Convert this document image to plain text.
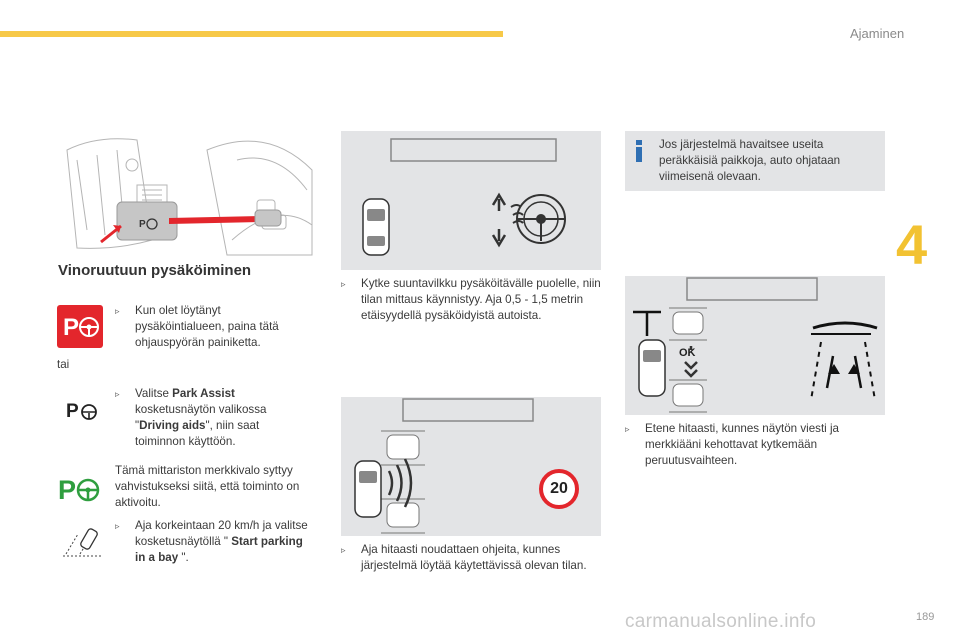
Ajaminen
4
P
Vinoruutuun pysäköiminen
P
▹	Kun olet löytänyt pysäköintialueen, paina tätä ohjauspyörän painiketta.
tai
P
▹	Valitse Park Assist kosketusnäytön valikossa "Driving aids", niin saat toiminnon käyttöön.
P
Tämä mittariston merkkivalo syttyy vahvistukseksi siitä, että toiminto on aktivoitu.
▹	Aja korkeintaan 20 km/h ja valitse kosketusnäytöllä " Start parking in a bay ".
▹	Kytke suuntavilkku pysäköitävälle puolelle, niin tilan mittaus käynnistyy. Aja 0,5 - 1,5 metrin etäisyydellä pysäköidyistä autoista.
20
▹	Aja hitaasti noudattaen ohjeita, kunnes järjestelmä löytää käytettävissä olevan tilan.
Jos järjestelmä havaitsee useita peräkkäisiä paikkoja, auto ohjataan viimeisenä olevaan.
OK
▹	Etene hitaasti, kunnes näytön viesti ja merkkiääni kehottavat kytkemään peruutusvaihteen.
carmanualsonline.info	189
